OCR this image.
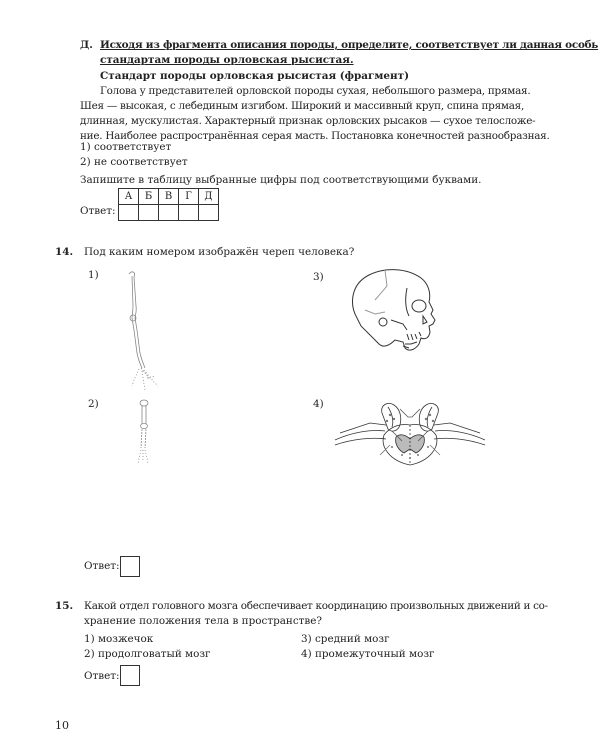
Д. Исходя из фрагмента описания породы, определите, соответствует ли данная особь
стандартам породы орловская рысистая.
Стандарт породы орловская рысистая (фрагмент)
Голова у представителей орловской породы сухая, небольшого размера, прямая.
Шея — высокая, с лебединым изгибом. Широкий и массивный круп, спина прямая,
длинная, мускулистая. Характерный признак орловских рысаков — сухое телосложе-
ние. Наиболее распространённая серая масть. Постановка конечностей разнообразная.
1) соответствует
2) не соответствует
Запишите в таблицу выбранные цифры под соответствующими буквами.
Ответ:
А	Б	В	Г	Д

14. Под каким номером изображён череп человека?
1)	3)
2)	4)
Ответ:
15. Какой отдел головного мозга обеспечивает координацию произвольных движений и со-
хранение положения тела в пространстве?
1) мозжечок
2) продолговатый мозг
3) средний мозг
4) промежуточный мозг
Ответ:
10
